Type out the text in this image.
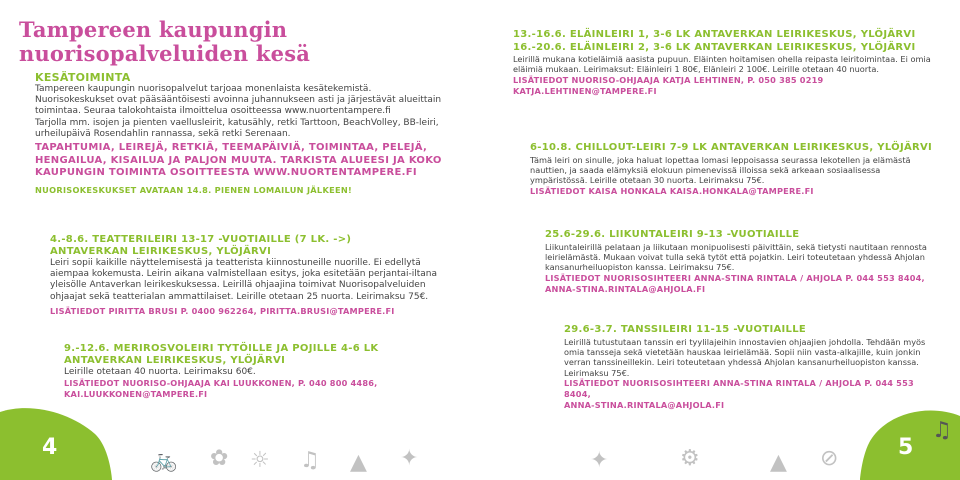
Tampereen kaupungin
nuorisopalveluiden kesä
KESÄTOIMINTA

Tampereen kaupungin nuorisopalvelut tarjoaa monenlaista kesätekemistä.

Nuorisokeskukset ovat pääsääntöisesti avoinna juhannukseen asti ja järjestävät alueittain toimintaa. Seuraa talokohtaista ilmoittelua osoitteessa www.nuortentampere.fi

Tarjolla mm. isojen ja pienten vaellusleirit, katusähly, retki Tarttoon, BeachVolley, BB-leiri, urheilupäivä Rosendahlin rannassa, sekä retki Serenaan.

TAPAHTUMIA, LEIREJÄ, RETKIÄ, TEEMAPÄIVIÄ, TOIMINTAA, PELEJÄ, HENGAILUA, KISAILUA JA PALJON MUUTA. TARKISTA ALUEESI JA KOKO KAUPUNGIN TOIMINTA OSOITTEESTA WWW.NUORTENTAMPERE.FI
NUORISOKESKUKSET AVATAAN 14.8. PIENEN LOMAILUN JÄLKEEN!
4.-8.6. TEATTERILEIRI 13-17 -VUOTIAILLE (7 LK. ->)
ANTAVERKAN LEIRIKESKUS, YLÖJÄRVI

Leiri sopii kaikille näyttelemisestä ja teatterista kiinnostuneille nuorille. Ei edellytä aiempaa kokemusta. Leirin aikana valmistellaan esitys, joka esitetään perjantai-iltana yleisölle Antaverkan leirikeskuksessa. Leirillä ohjaajina toimivat Nuorisopalveluiden ohjaajat sekä teatterialan ammattilaiset. Leirille otetaan 25 nuorta. Leirimaksu 75€.

LISÄTIEDOT PIRITTA BRUSI P. 0400 962264, PIRITTA.BRUSI@TAMPERE.FI

9.-12.6. MERIROSVOLEIRI TYTÖILLE JA POJILLE 4-6 LK
ANTAVERKAN LEIRIKESKUS, YLÖJÄRVI

Leirille otetaan 40 nuorta. Leirimaksu 60€.

LISÄTIEDOT NUORISO-OHJAAJA KAI LUUKKONEN, P. 040 800 4486,
KAI.LUUKKONEN@TAMPERE.FI

🚲 ✿ ☼ ♫ ▲ ✦
4
13.-16.6. ELÄINLEIRI 1, 3-6 LK ANTAVERKAN LEIRIKESKUS, YLÖJÄRVI
16.-20.6. ELÄINLEIRI 2, 3-6 LK ANTAVERKAN LEIRIKESKUS, YLÖJÄRVI

Leirillä mukana kotieläimiä aasista pupuun. Eläinten hoitamisen ohella reipasta leiritoimintaa. Ei omia eläimiä mukaan. Leirimaksut: Eläinleiri 1 80€, Elänleiri 2 100€. Leirille otetaan 40 nuorta.

LISÄTIEDOT NUORISO-OHJAAJA KATJA LEHTINEN, P. 050 385 0219
KATJA.LEHTINEN@TAMPERE.FI

6-10.8. CHILLOUT-LEIRI 7-9 LK ANTAVERKAN LEIRIKESKUS, YLÖJÄRVI

Tämä leiri on sinulle, joka haluat lopettaa lomasi leppoisassa seurassa lekotellen ja elämästä nauttien, ja saada elämyksiä elokuun pimenevissä illoissa sekä arkeaan sosiaalisessa ympäristössä. Leirille otetaan 30 nuorta. Leirimaksu 75€.

LISÄTIEDOT KAISA HONKALA KAISA.HONKALA@TAMPERE.FI

25.6-29.6. LIIKUNTALEIRI 9-13 -VUOTIAILLE

Liikuntaleirillä pelataan ja liikutaan monipuolisesti päivittäin, sekä tietysti nautitaan rennosta leirielämästä. Mukaan voivat tulla sekä tytöt että pojatkin. Leiri toteutetaan yhdessä Ahjolan kansanurheiluopiston kanssa. Leirimaksu 75€.

LISÄTIEDOT NUORISOSIHTEERI ANNA-STINA RINTALA / AHJOLA P. 044 553 8404,
ANNA-STINA.RINTALA@AHJOLA.FI

29.6-3.7. TANSSILEIRI 11-15 -VUOTIAILLE

Leirillä tutustutaan tanssin eri tyylilajeihin innostavien ohjaajien johdolla. Tehdään myös omia tansseja sekä vietetään hauskaa leirielämää. Sopii niin vasta-alkajille, kuin jonkin verran tanssineillekin. Leiri toteutetaan yhdessä Ahjolan kansanurheiluopiston kanssa. Leirimaksu 75€.

LISÄTIEDOT NUORISOSIHTEERI ANNA-STINA RINTALA / AHJOLA P. 044 553 8404,
ANNA-STINA.RINTALA@AHJOLA.FI

✦	⚙	▲ ⊘
♫
5
